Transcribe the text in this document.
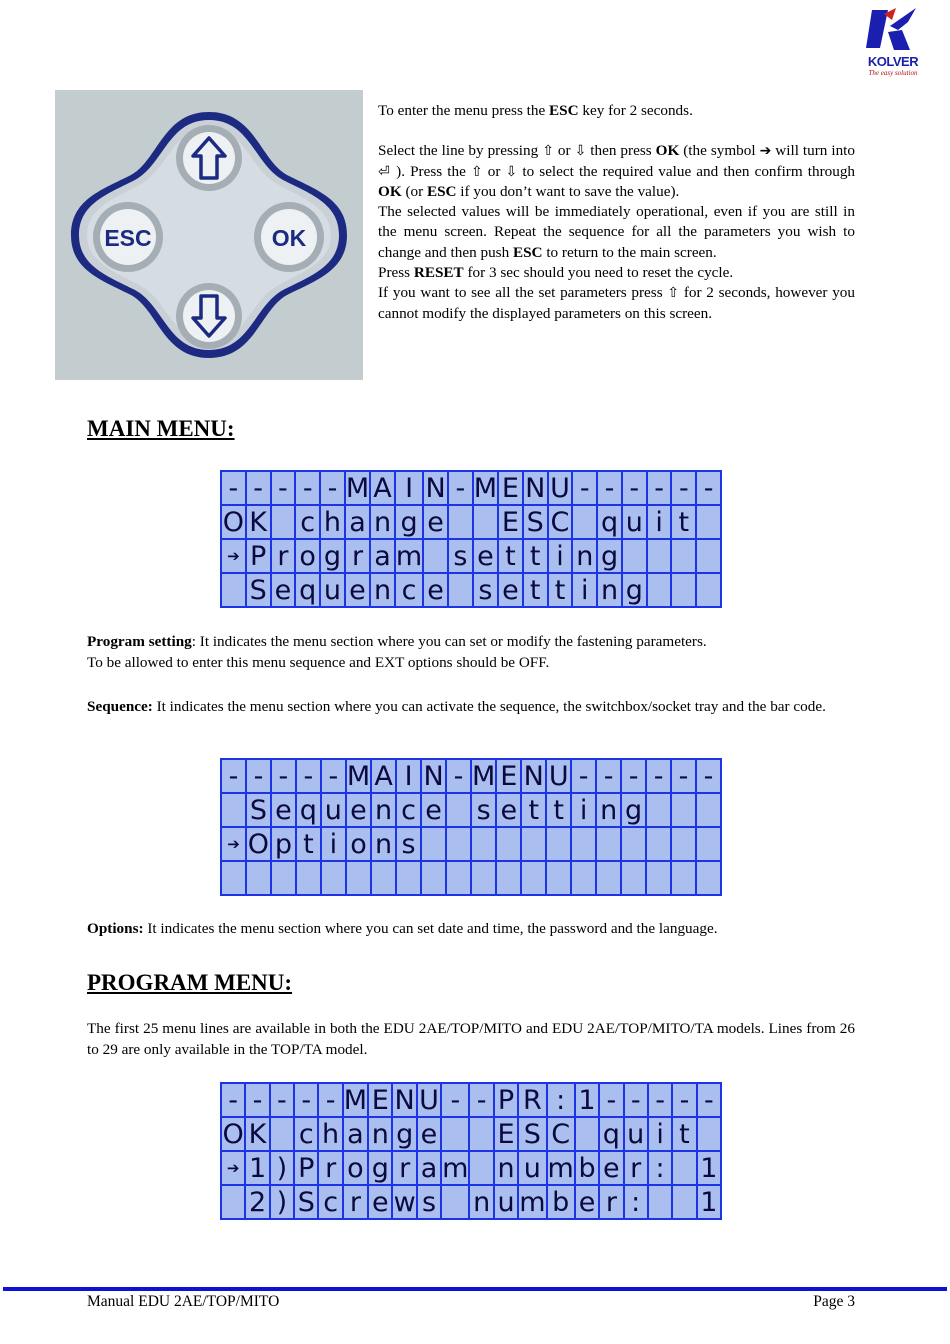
KOLVER
The easy solution
ESC	OK

To enter the menu press the ESC key for 2 seconds.

Select the line by pressing ⇧ or ⇩ then press OK (the symbol ➔ will turn into ⏎ ). Press the ⇧ or ⇩ to select the required value and then confirm through OK (or ESC if you don’t want to save the value).

The selected values will be immediately operational, even if you are still in the menu screen. Repeat the sequence for all the parameters you wish to change and then push ESC to return to the main screen.

Press RESET for 3 sec should you need to reset the cycle.

If you want to see all the set parameters press ⇧ for 2 seconds, however you cannot modify the displayed parameters on this screen.

MAIN MENU:
- - - - - M A I N - M E N U - - - - - -
O K c h a n g e E S C q u i t
➔ P r o g r a m s e t t i n g
S e q u e n c e s e t t i n g

Program setting: It indicates the menu section where you can set or modify the fastening parameters.
To be allowed to enter this menu sequence and EXT options should be OFF.

Sequence: It indicates the menu section where you can activate the sequence, the switchbox/socket tray and the bar code.

- - - - - M A I N - M E N U - - - - - -
S e q u e n c e s e t t i n g
➔ O p t i o n s

Options: It indicates the menu section where you can set date and time, the password and the language.

PROGRAM MENU:

The first 25 menu lines are available in both the EDU 2AE/TOP/MITO and EDU 2AE/TOP/MITO/TA models. Lines from 26 to 29 are only available in the TOP/TA model.

- - - - - M E N U - - P R : 1 - - - - -
O K c h a n g e E S C q u i t
➔ 1 ) P r o g r a m n u m b e r : 1
2 ) S c r e w s n u m b e r : 1
Manual EDU 2AE/TOP/MITO	Page 3
